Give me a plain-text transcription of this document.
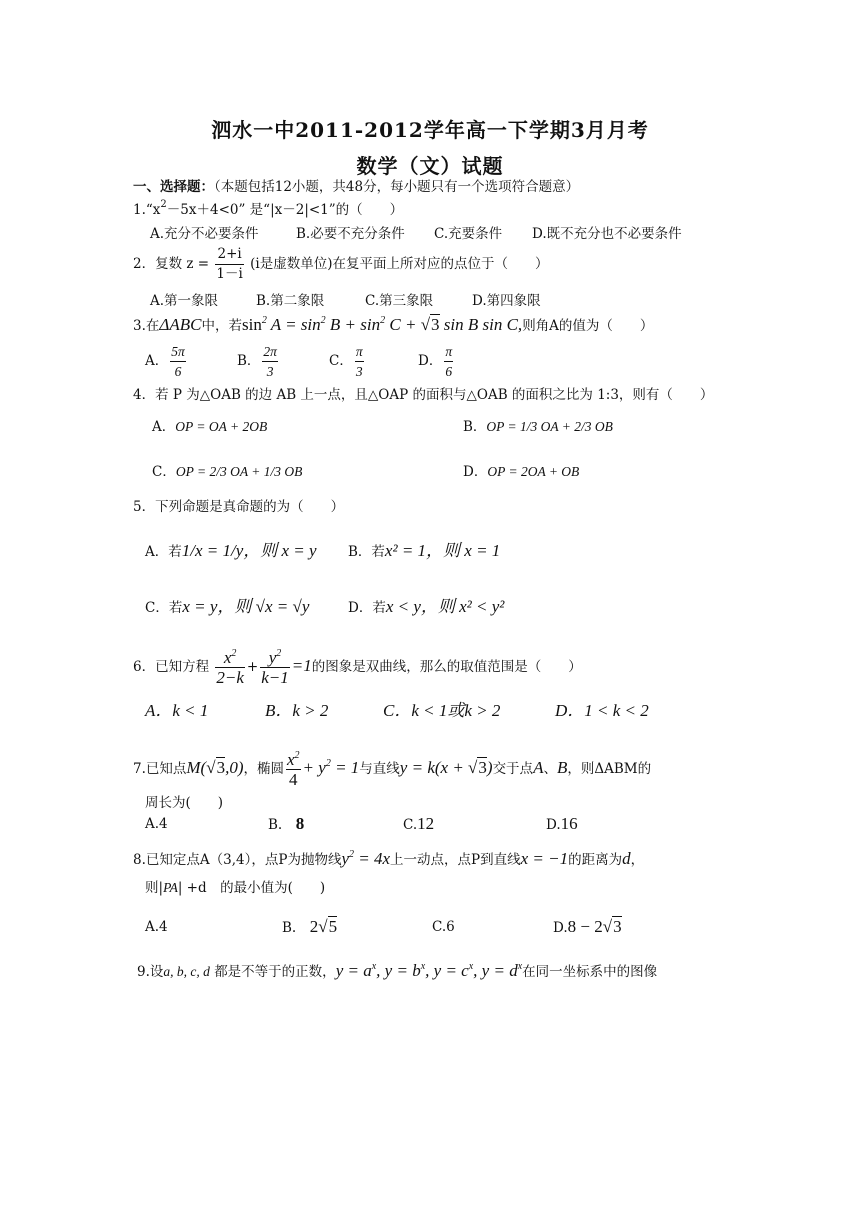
泗水一中2011-2012学年高一下学期3月月考
数学（文）试题
一、选择题：（本题包括12小题，共48分，每小题只有一个选项符合题意）
$1.“x^2-5x+4<0$” 是“|x－2|<1”的（　　）
A.充分不必要条件	B.必要不充分条件 C.充要条件 D.既不充分也不必要条件
2．复数 $z = \frac{2+i}{1-i} (i$是虚数单位)在复平面上所对应的点位于（　　）
A.第一象限	B.第二象限	C.第三象限	D.第四象限
3.在ΔABC中，若$\sin^2 A = \sin^2 B + \sin^2 C + √3$ sin B sin C,则角A的值为（　　）
A． $\frac{5\pi}{6}$	B． $\frac{2\pi}{3}$	C． $\frac{\pi}{3}$	D． $\frac{\pi}{6}$
4．若 P 为△OAB 的边 AB 上一点，且△OAP 的面积与△OAB 的面积之比为 1:3，则有（　　）
A．OP = OA + 2OB	B．OP = 1/3 OA + 2/3 OB
C．OP = 2/3 OA + 1/3 OB	D．OP = 2OA + OB
5．下列命题是真命题的为（　　）
A．若1/x = 1/y，则 x = y B．若x² = 1，则 x = 1
C．若x = y，则 √x = √y	D．若x < y，则 x² < y²
6．已知方程 $\frac{x^2}{2-k} + \frac{y^2}{k-1} =1$的图象是双曲线，那么的取值范围是（　　）
A．k < 1	B．k > 2	C．k < 1或k > 2	D．1 < k < 2
7.已知点M(√3,0)，椭圆 $\frac{x^2}{4} + y^2 = 1$与直线y = k(x + √3)交于点A、B，则ΔABM的
周长为(　　)
A.4	B.　 8	C.12	D.16
8.已知定点A（3,4），点P为抛物线$y^2 = 4x$上一动点，点P到直线x = −1的距离为d，
则|PA| +d　的最小值为(　　)
A.4	B.　 2√5	C.6	D.8 − 2√3
9.设a, b, c, d 都是不等于的正数，$y = a^x$, $y = b^x$, $y = c^x$, $y = d^x$在同一坐标系中的图像
